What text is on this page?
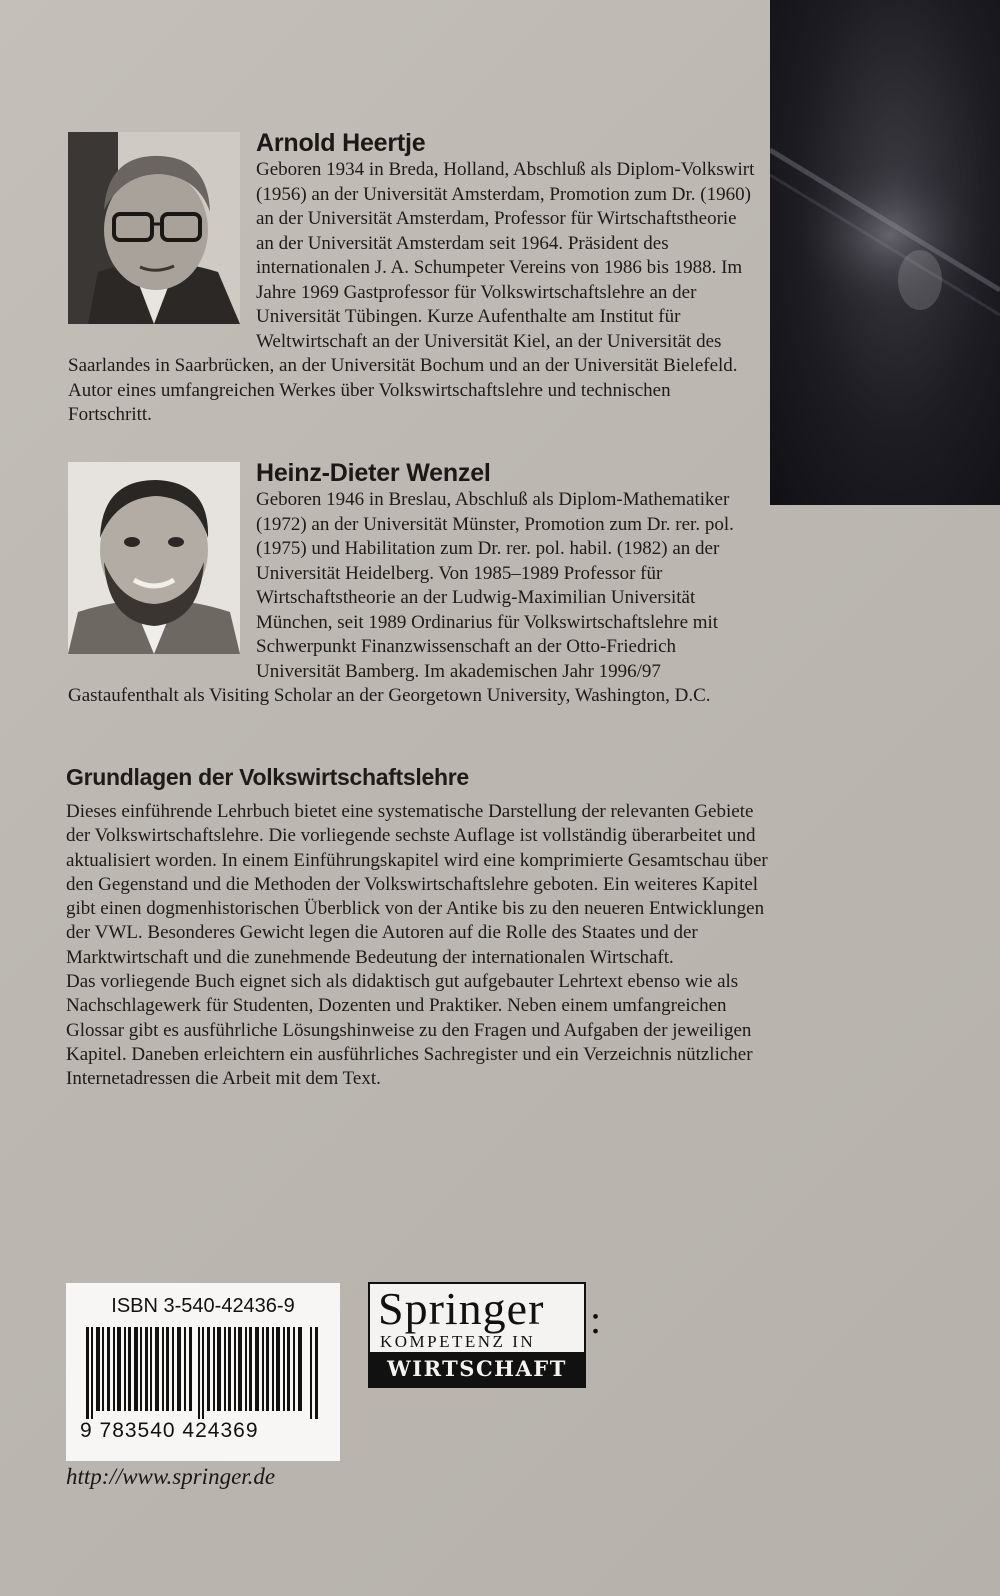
Arnold Heertje

Geboren 1934 in Breda, Holland, Abschluß als Diplom-Volkswirt (1956) an der Universität Amsterdam, Promotion zum Dr. (1960) an der Universität Amsterdam, Professor für Wirtschaftstheorie an der Universität Amsterdam seit 1964. Präsident des internationalen J. A. Schumpeter Vereins von 1986 bis 1988. Im Jahre 1969 Gastprofessor für Volkswirtschaftslehre an der Universität Tübingen. Kurze Aufenthalte am Institut für Weltwirtschaft an der Universität Kiel, an der Universität des Saarlandes in Saarbrücken, an der Universität Bochum und an der Universität Bielefeld. Autor eines umfangreichen Werkes über Volkswirtschaftslehre und technischen Fortschritt.

Heinz-Dieter Wenzel

Geboren 1946 in Breslau, Abschluß als Diplom-Mathematiker (1972) an der Universität Münster, Promotion zum Dr. rer. pol. (1975) und Habilitation zum Dr. rer. pol. habil. (1982) an der Universität Heidelberg. Von 1985–1989 Professor für Wirtschaftstheorie an der Ludwig-Maximilian Universität München, seit 1989 Ordinarius für Volkswirtschaftslehre mit Schwerpunkt Finanzwissenschaft an der Otto-Friedrich Universität Bamberg. Im akademischen Jahr 1996/97 Gastaufenthalt als Visiting Scholar an der Georgetown University, Washington, D.C.

Grundlagen der Volkswirtschaftslehre

Dieses einführende Lehrbuch bietet eine systematische Darstellung der relevanten Gebiete der Volkswirtschaftslehre. Die vorliegende sechste Auflage ist vollständig überarbeitet und aktualisiert worden. In einem Einführungskapitel wird eine komprimierte Gesamtschau über den Gegenstand und die Methoden der Volkswirtschaftslehre geboten. Ein weiteres Kapitel gibt einen dogmenhistorischen Überblick von der Antike bis zu den neueren Entwicklungen der VWL. Besonderes Gewicht legen die Autoren auf die Rolle des Staates und der Marktwirtschaft und die zunehmende Bedeutung der internationalen Wirtschaft.

Das vorliegende Buch eignet sich als didaktisch gut aufgebauter Lehrtext ebenso wie als Nachschlagewerk für Studenten, Dozenten und Praktiker. Neben einem umfangreichen Glossar gibt es ausführliche Lösungshinweise zu den Fragen und Aufgaben der jeweiligen Kapitel. Daneben erleichtern ein ausführliches Sachregister und ein Verzeichnis nützlicher Internetadressen die Arbeit mit dem Text.

ISBN 3-540-42436-9
9 783540 424369
Springer
KOMPETENZ IN
WIRTSCHAFT
:
http://www.springer.de
